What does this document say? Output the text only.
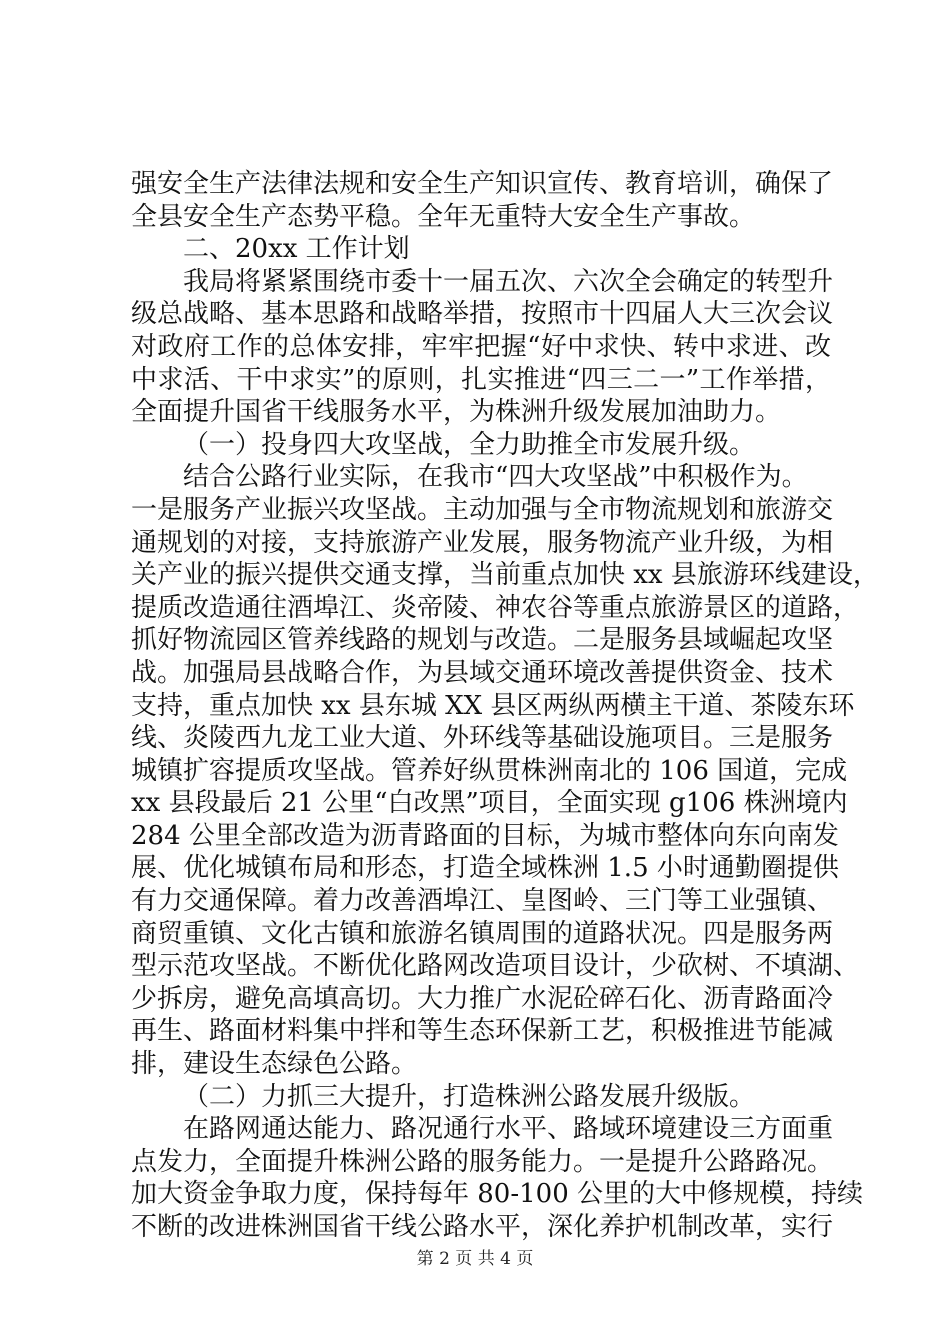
强安全生产法律法规和安全生产知识宣传、教育培训，确保了
全县安全生产态势平稳。全年无重特大安全生产事故。
二、20xx 工作计划
我局将紧紧围绕市委十一届五次、六次全会确定的转型升
级总战略、基本思路和战略举措，按照市十四届人大三次会议
对政府工作的总体安排，牢牢把握“好中求快、转中求进、改
中求活、干中求实”的原则，扎实推进“四三二一”工作举措，
全面提升国省干线服务水平，为株洲升级发展加油助力。
（一）投身四大攻坚战，全力助推全市发展升级。
结合公路行业实际，在我市“四大攻坚战”中积极作为。
一是服务产业振兴攻坚战。主动加强与全市物流规划和旅游交
通规划的对接，支持旅游产业发展，服务物流产业升级，为相
关产业的振兴提供交通支撑，当前重点加快 xx 县旅游环线建设，
提质改造通往酒埠江、炎帝陵、神农谷等重点旅游景区的道路，
抓好物流园区管养线路的规划与改造。二是服务县域崛起攻坚
战。加强局县战略合作，为县域交通环境改善提供资金、技术
支持，重点加快 xx 县东城 XX 县区两纵两横主干道、茶陵东环
线、炎陵西九龙工业大道、外环线等基础设施项目。三是服务
城镇扩容提质攻坚战。管养好纵贯株洲南北的 106 国道，完成
xx 县段最后 21 公里“白改黑”项目，全面实现 g106 株洲境内
284 公里全部改造为沥青路面的目标，为城市整体向东向南发
展、优化城镇布局和形态，打造全域株洲 1.5 小时通勤圈提供
有力交通保障。着力改善酒埠江、皇图岭、三门等工业强镇、
商贸重镇、文化古镇和旅游名镇周围的道路状况。四是服务两
型示范攻坚战。不断优化路网改造项目设计，少砍树、不填湖、
少拆房，避免高填高切。大力推广水泥砼碎石化、沥青路面冷
再生、路面材料集中拌和等生态环保新工艺，积极推进节能减
排，建设生态绿色公路。
（二）力抓三大提升，打造株洲公路发展升级版。
在路网通达能力、路况通行水平、路域环境建设三方面重
点发力，全面提升株洲公路的服务能力。一是提升公路路况。
加大资金争取力度，保持每年 80-100 公里的大中修规模，持续
不断的改进株洲国省干线公路水平，深化养护机制改革，实行
第 2 页 共 4 页
